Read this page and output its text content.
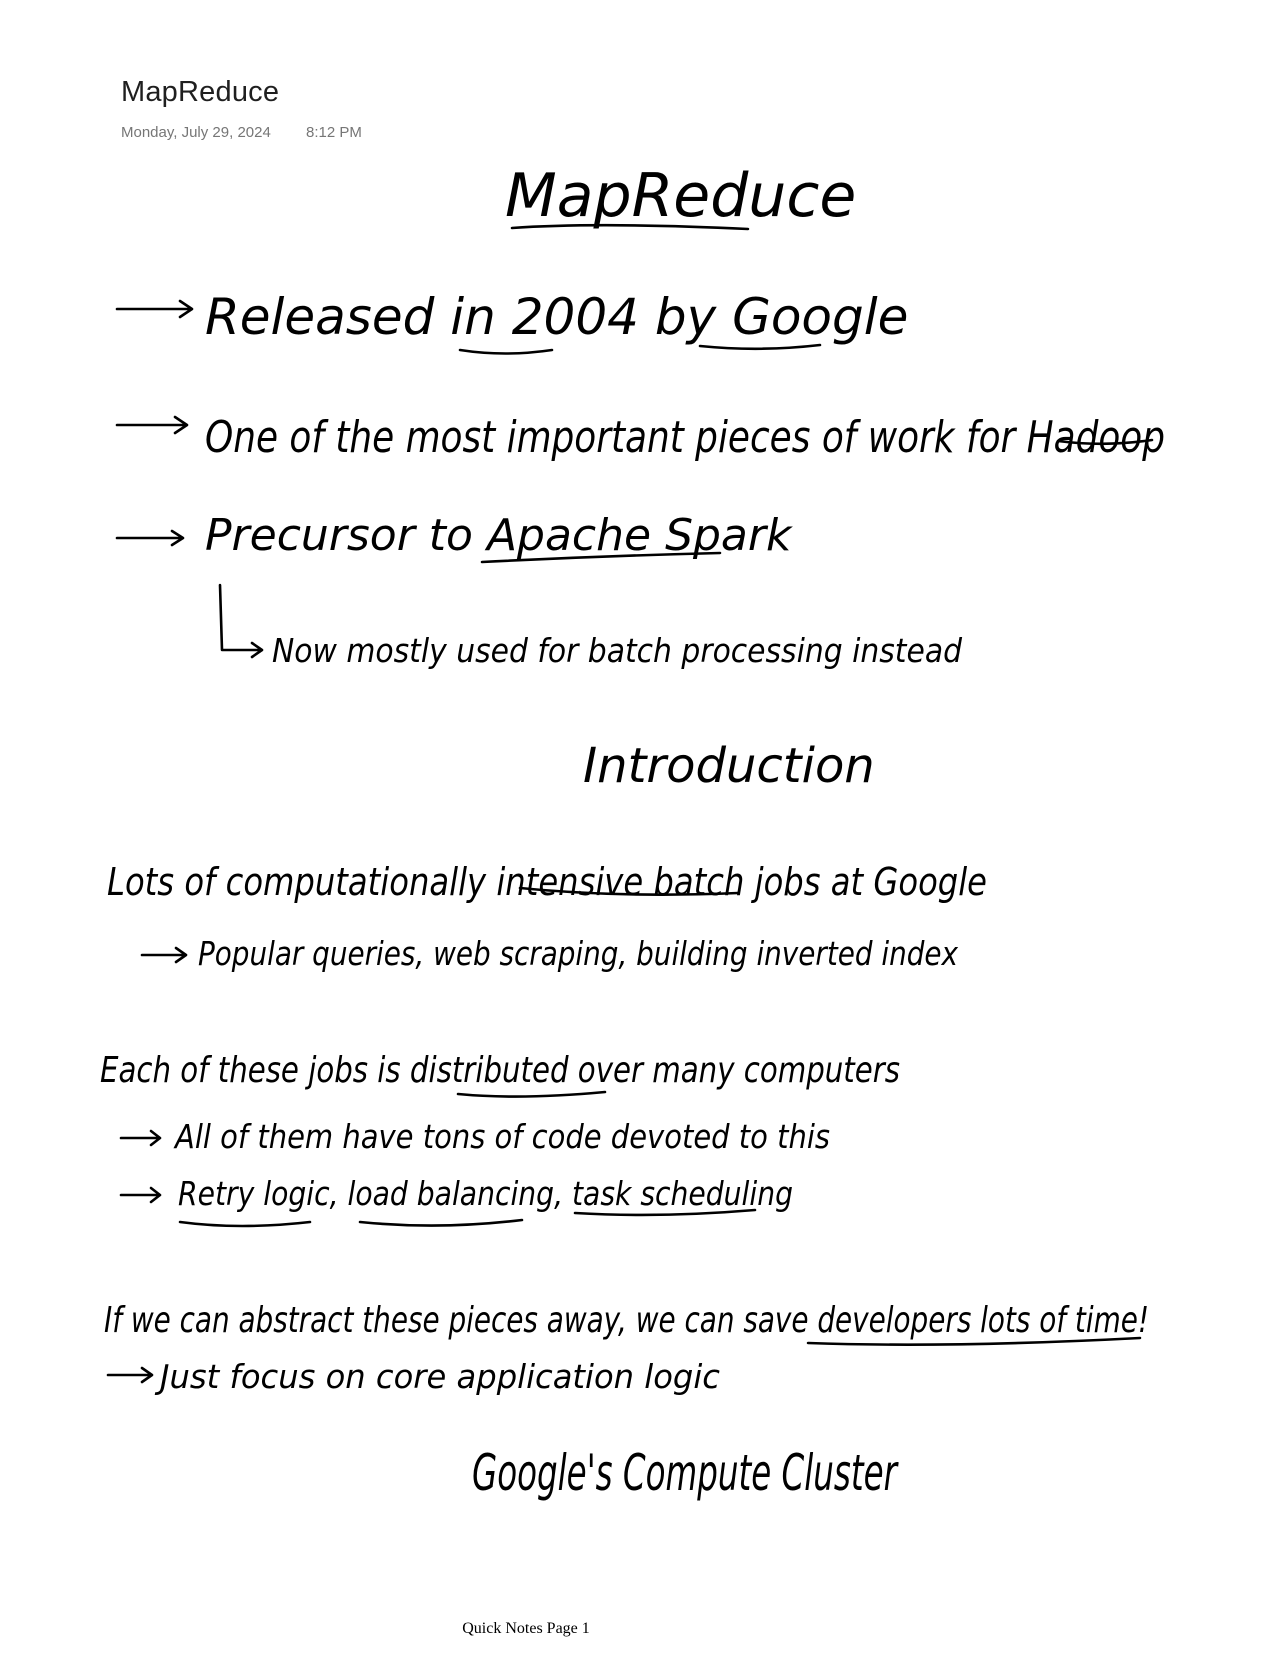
MapReduce
Monday, July 29, 2024 8:12 PM
MapReduce
Released in 2004 by Google
One of the most important pieces of work for Hadoop
Precursor to Apache Spark
Now mostly used for batch processing instead
Introduction
Lots of computationally intensive batch jobs at Google
Popular queries, web scraping, building inverted index
Each of these jobs is distributed over many computers
All of them have tons of code devoted to this
Retry logic, load balancing, task scheduling
If we can abstract these pieces away, we can save developers lots of time!
Just focus on core application logic
Google's Compute Cluster
Quick Notes Page 1
